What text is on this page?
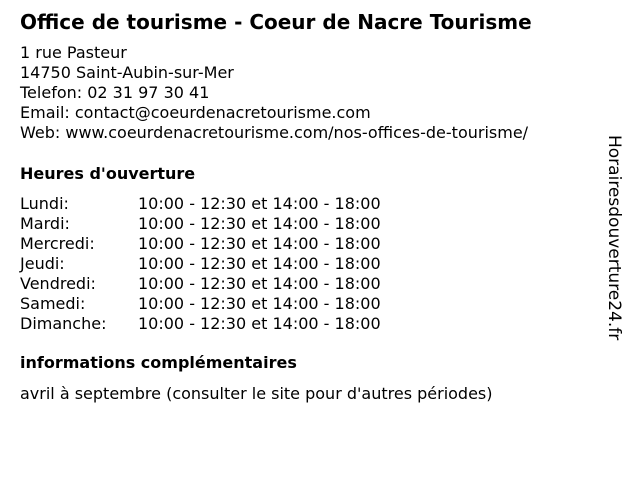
Office de tourisme - Coeur de Nacre Tourisme
1 rue Pasteur
14750 Saint-Aubin-sur-Mer
Telefon: 02 31 97 30 41
Email: contact@coeurdenacretourisme.com
Web: www.coeurdenacretourisme.com/nos-offices-de-tourisme/
Heures d'ouverture
Lundi:	10:00 - 12:30 et 14:00 - 18:00
Mardi:	10:00 - 12:30 et 14:00 - 18:00
Mercredi:	10:00 - 12:30 et 14:00 - 18:00
Jeudi:	10:00 - 12:30 et 14:00 - 18:00
Vendredi:	10:00 - 12:30 et 14:00 - 18:00
Samedi:	10:00 - 12:30 et 14:00 - 18:00
Dimanche:	10:00 - 12:30 et 14:00 - 18:00
informations complémentaires
avril à septembre (consulter le site pour d'autres périodes)
Horairesdouverture24.fr
